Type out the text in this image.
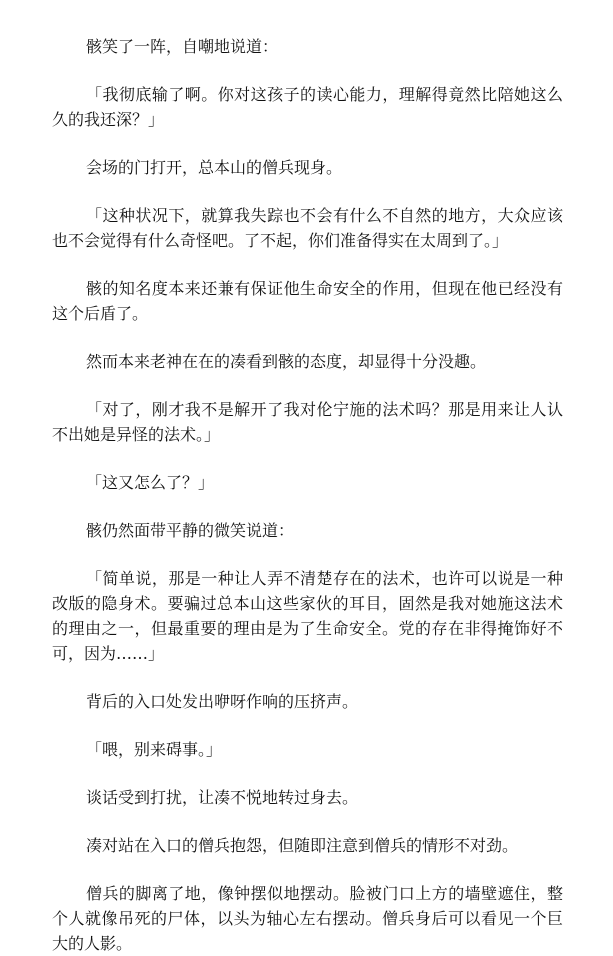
骸笑了一阵，自嘲地说道：

「我彻底输了啊。你对这孩子的读心能力，理解得竟然比陪她这么久的我还深？」

会场的门打开，总本山的僧兵现身。

「这种状况下，就算我失踪也不会有什么不自然的地方，大众应该也不会觉得有什么奇怪吧。了不起，你们准备得实在太周到了。」

骸的知名度本来还兼有保证他生命安全的作用，但现在他已经没有这个后盾了。

然而本来老神在在的凑看到骸的态度，却显得十分没趣。

「对了，刚才我不是解开了我对伦宁施的法术吗？那是用来让人认不出她是异怪的法术。」

「这又怎么了？」

骸仍然面带平静的微笑说道：

「简单说，那是一种让人弄不清楚存在的法术，也许可以说是一种改版的隐身术。要骗过总本山这些家伙的耳目，固然是我对她施这法术的理由之一，但最重要的理由是为了生命安全。党的存在非得掩饰好不可，因为……」

背后的入口处发出咿呀作响的压挤声。

「喂，别来碍事。」

谈话受到打扰，让凑不悦地转过身去。

凑对站在入口的僧兵抱怨，但随即注意到僧兵的情形不对劲。

僧兵的脚离了地，像钟摆似地摆动。脸被门口上方的墙壁遮住，整个人就像吊死的尸体，以头为轴心左右摆动。僧兵身后可以看见一个巨大的人影。
